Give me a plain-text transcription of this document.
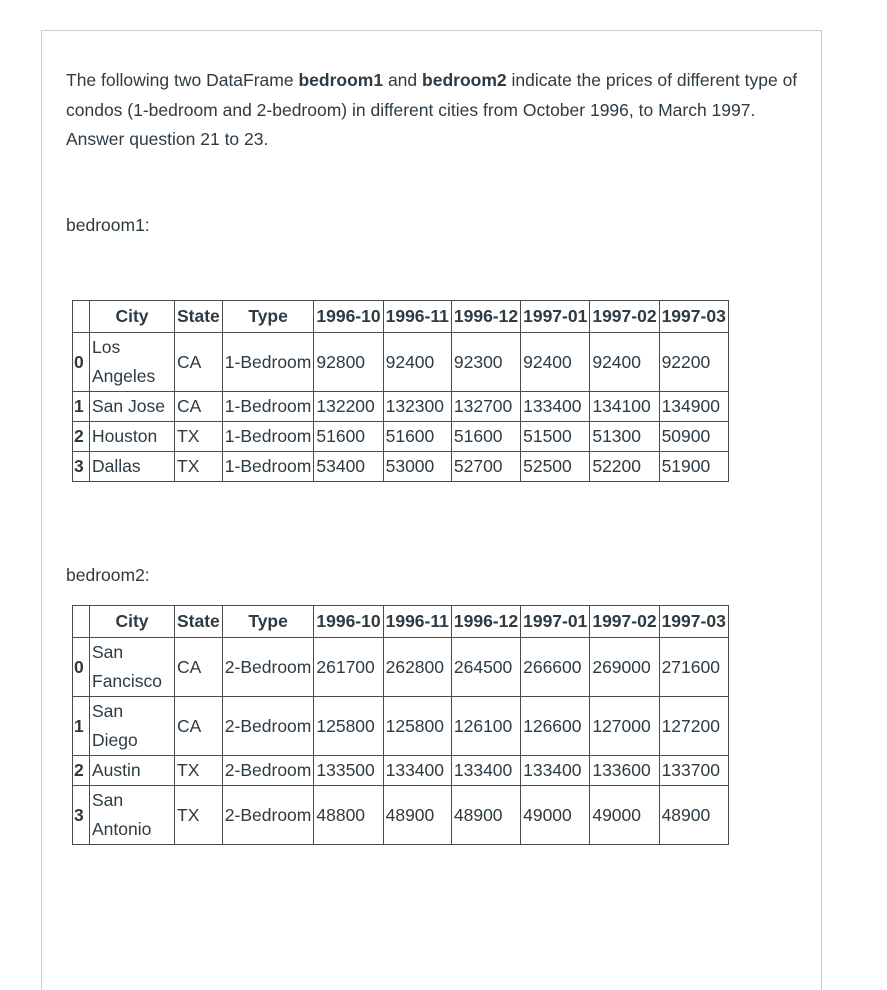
The following two DataFrame bedroom1 and bedroom2 indicate the prices of different type of condos (1-bedroom and 2-bedroom) in different cities from October 1996, to March 1997. Answer question 21 to 23.

bedroom1:
	City	State	Type	1996-10	1996-11	1996-12	1997-01	1997-02	1997-03
0	Los Angeles	CA	1-Bedroom	92800	92400	92300	92400	92400	92200
1	San Jose	CA	1-Bedroom	132200	132300	132700	133400	134100	134900
2	Houston	TX	1-Bedroom	51600	51600	51600	51500	51300	50900
3	Dallas	TX	1-Bedroom	53400	53000	52700	52500	52200	51900
bedroom2:
	City	State	Type	1996-10	1996-11	1996-12	1997-01	1997-02	1997-03
0	San Fancisco	CA	2-Bedroom	261700	262800	264500	266600	269000	271600
1	San Diego	CA	2-Bedroom	125800	125800	126100	126600	127000	127200
2	Austin	TX	2-Bedroom	133500	133400	133400	133400	133600	133700
3	San Antonio	TX	2-Bedroom	48800	48900	48900	49000	49000	48900
